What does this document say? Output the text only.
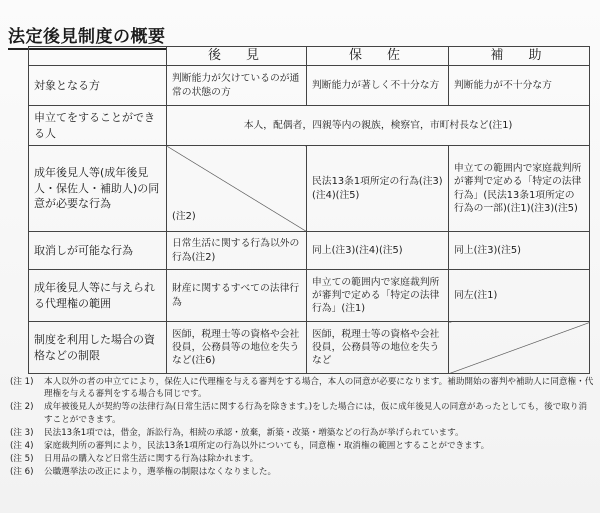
法定後見制度の概要
	後　見	保　佐	補　助
対象となる方	判断能力が欠けているのが通常の状態の方	判断能力が著しく不十分な方	判断能力が不十分な方
申立てをすることができる人	本人，配偶者，四親等内の親族，検察官，市町村長など(注1)		
成年後見人等(成年後見人・保佐人・補助人)の同意が必要な行為	(注2)	民法13条1項所定の行為(注3)(注4)(注5)	申立ての範囲内で家庭裁判所が審判で定める「特定の法律行為」(民法13条1項所定の行為の一部)(注1)(注3)(注5)
取消しが可能な行為	日常生活に関する行為以外の行為(注2)	同上(注3)(注4)(注5)	同上(注3)(注5)
成年後見人等に与えられる代理権の範囲	財産に関するすべての法律行為	申立ての範囲内で家庭裁判所が審判で定める「特定の法律行為」(注1)	同左(注1)
制度を利用した場合の資格などの制限	医師，税理士等の資格や会社役員，公務員等の地位を失うなど(注6)	医師，税理士等の資格や会社役員，公務員等の地位を失うなど	
(注 1)	本人以外の者の申立てにより，保佐人に代理権を与える審判をする場合，本人の同意が必要になります。補助開始の審判や補助人に同意権・代理権を与える審判をする場合も同じです。
(注 2)	成年被後見人が契約等の法律行為(日常生活に関する行為を除きます。)をした場合には，仮に成年後見人の同意があったとしても，後で取り消すことができます。
(注 3)	民法13条1項では，借金，訴訟行為，相続の承認・放棄，新築・改築・増築などの行為が挙げられています。
(注 4)	家庭裁判所の審判により，民法13条1項所定の行為以外についても，同意権・取消権の範囲とすることができます。
(注 5)	日用品の購入など日常生活に関する行為は除かれます。
(注 6)	公職選挙法の改正により，選挙権の制限はなくなりました。
